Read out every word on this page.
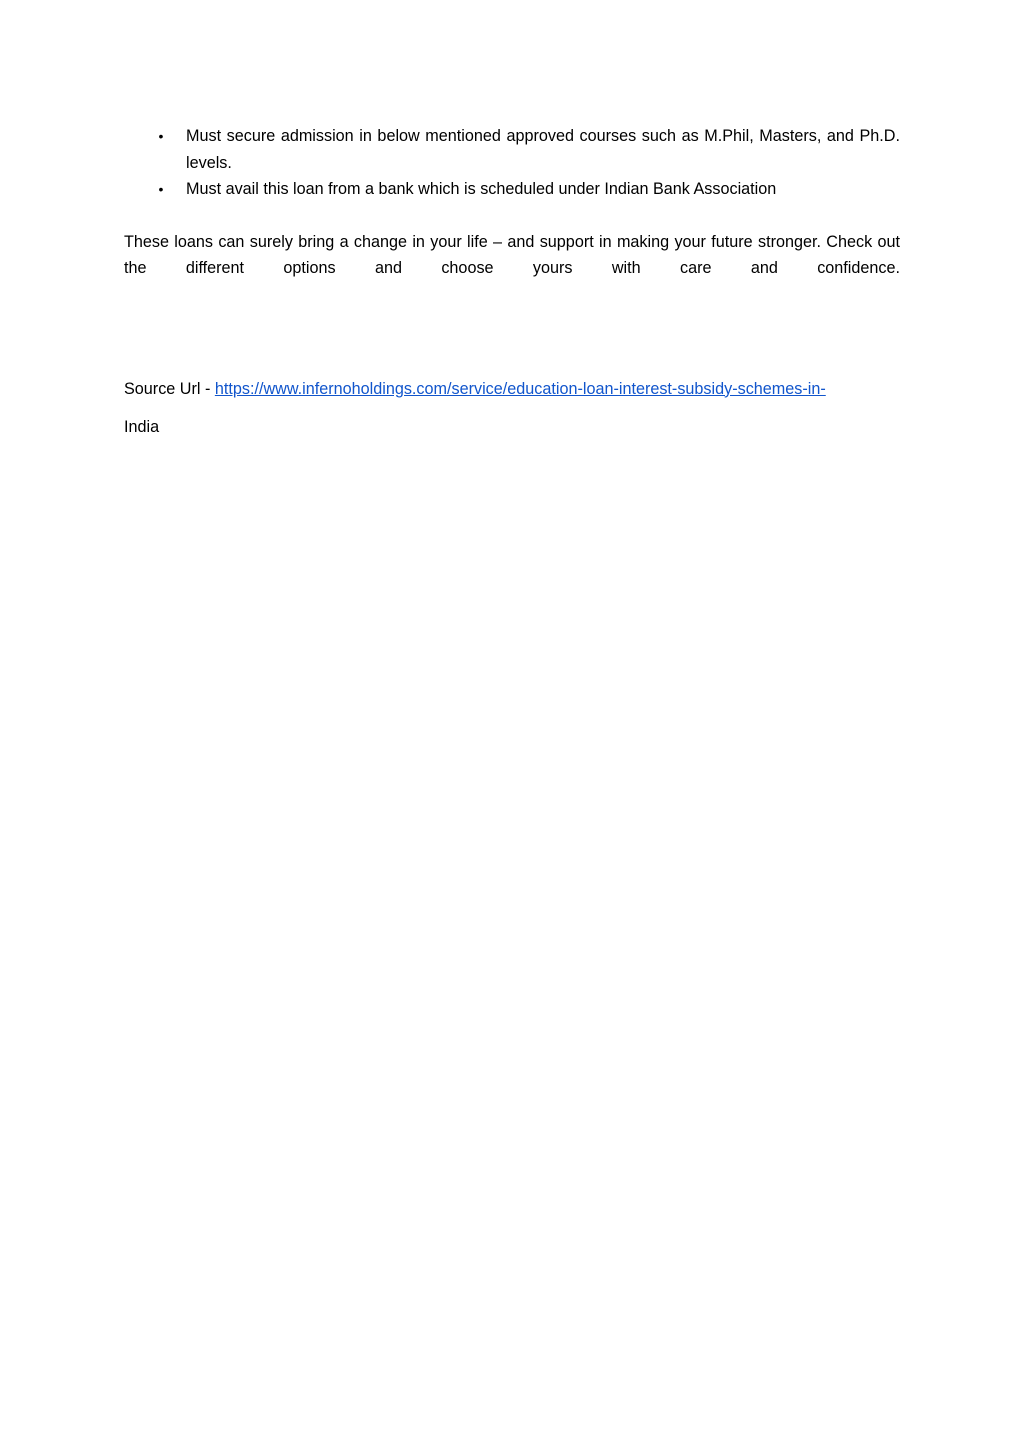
• Must secure admission in below mentioned approved courses such as M.Phil, Masters, and Ph.D. levels.
• Must avail this loan from a bank which is scheduled under Indian Bank Association

These loans can surely bring a change in your life – and support in making your future stronger. Check out the different options and choose yours with care and confidence.

Source Url - https://www.infernoholdings.com/service/education-loan-interest-subsidy-schemes-in-

India
